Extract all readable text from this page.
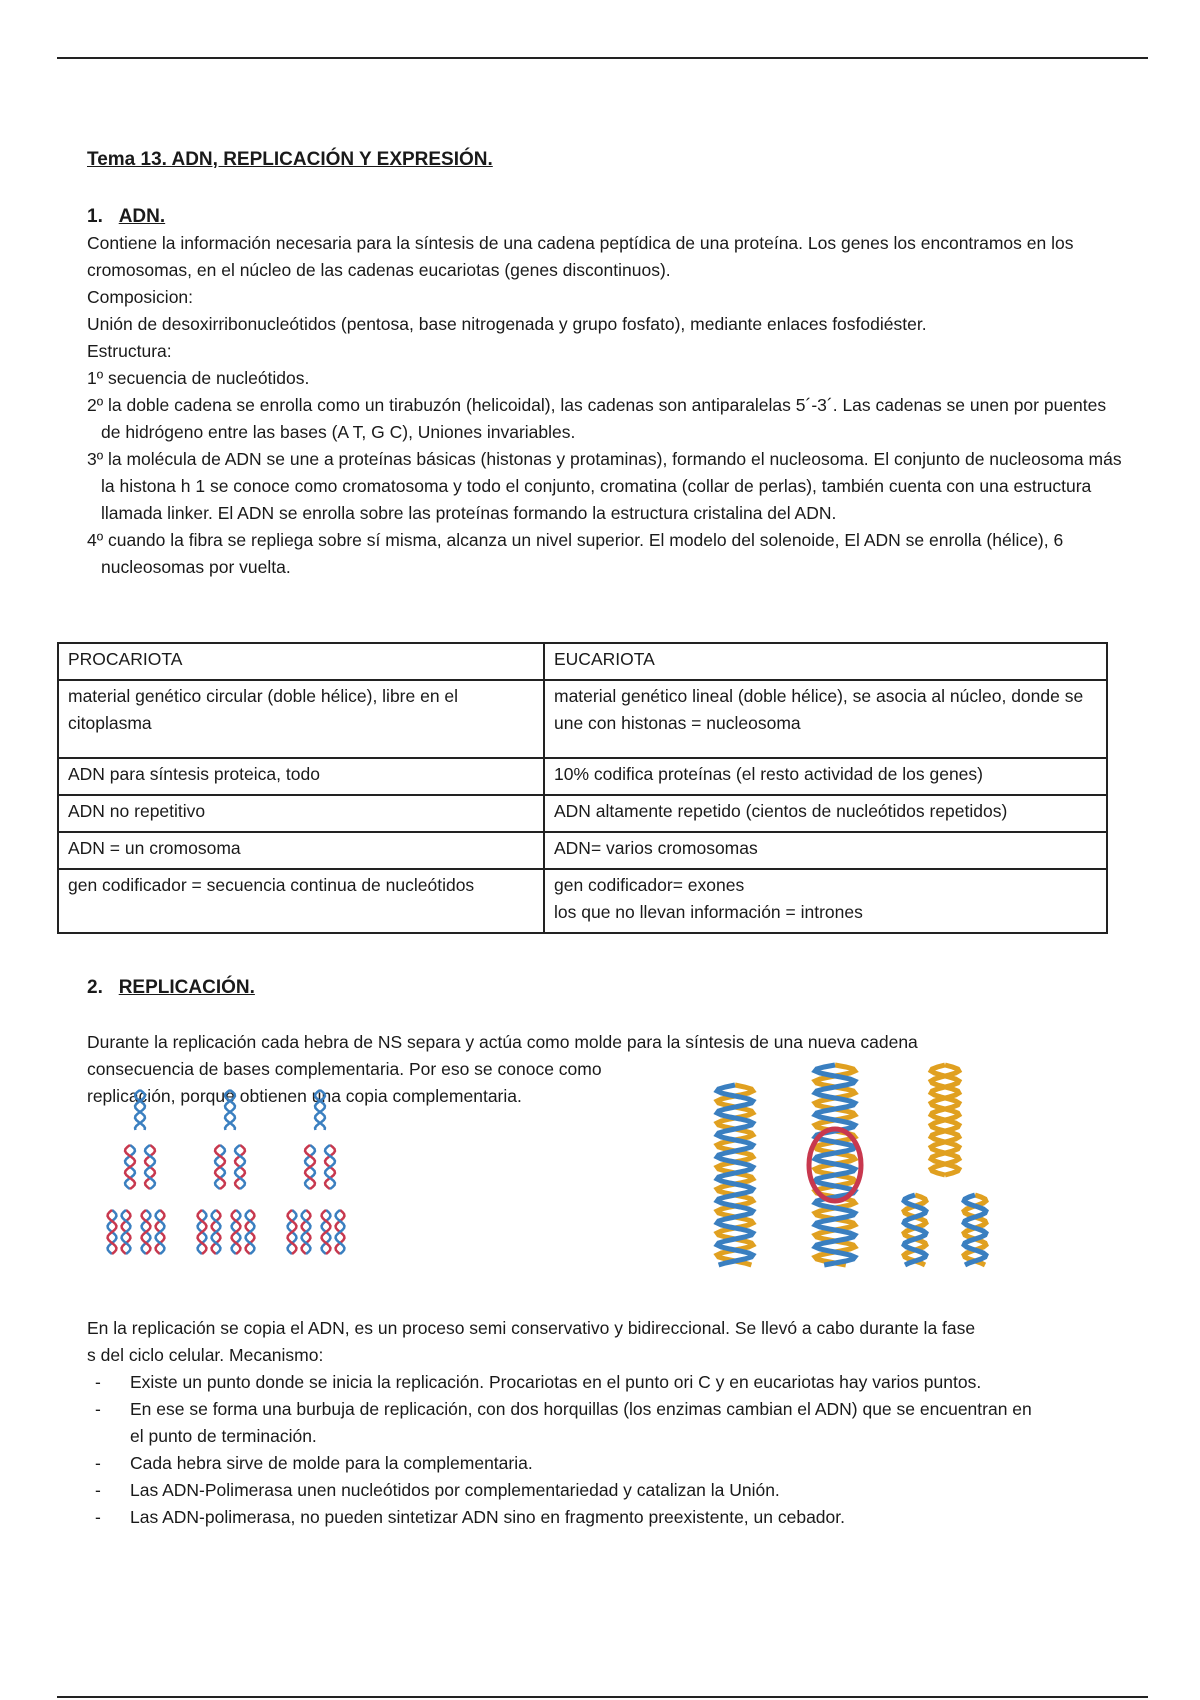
Tema 13. ADN, REPLICACIÓN Y EXPRESIÓN.
1. ADN.

Contiene la información necesaria para la síntesis de una cadena peptídica de una proteína. Los genes los encontramos en los cromosomas, en el núcleo de las cadenas eucariotas (genes discontinuos).

Composicion:

Unión de desoxirribonucleótidos (pentosa, base nitrogenada y grupo fosfato), mediante enlaces fosfodiéster.

Estructura:

1º secuencia de nucleótidos.

2º la doble cadena se enrolla como un tirabuzón (helicoidal), las cadenas son antiparalelas 5´-3´. Las cadenas se unen por puentes de hidrógeno entre las bases (A T, G C), Uniones invariables.

3º la molécula de ADN se une a proteínas básicas (histonas y protaminas), formando el nucleosoma. El conjunto de nucleosoma más la histona h 1 se conoce como cromatosoma y todo el conjunto, cromatina (collar de perlas), también cuenta con una estructura llamada linker. El ADN se enrolla sobre las proteínas formando la estructura cristalina del ADN.

4º cuando la fibra se repliega sobre sí misma, alcanza un nivel superior. El modelo del solenoide, El ADN se enrolla (hélice), 6 nucleosomas por vuelta.

PROCARIOTA	EUCARIOTA

material genético circular (doble hélice), libre en el citoplasma	material genético lineal (doble hélice), se asocia al núcleo, donde se une con histonas = nucleosoma

ADN para síntesis proteica, todo	10% codifica proteínas (el resto actividad de los genes)

ADN no repetitivo	ADN altamente repetido (cientos de nucleótidos repetidos)

ADN = un cromosoma	ADN= varios cromosomas

gen codificador = secuencia continua de nucleótidos	gen codificador= exones
los que no llevan información = intrones
2. REPLICACIÓN.

Durante la replicación cada hebra de NS separa y actúa como molde para la síntesis de una nueva cadena

consecuencia de bases complementaria. Por eso se conoce como

replicación, porque obtienen una copia complementaria.

En la replicación se copia el ADN, es un proceso semi conservativo y bidireccional. Se llevó a cabo durante la fase s del ciclo celular. Mecanismo:

- Existe un punto donde se inicia la replicación. Procariotas en el punto ori C y en eucariotas hay varios puntos.
- En ese se forma una burbuja de replicación, con dos horquillas (los enzimas cambian el ADN) que se encuentran en el punto de terminación.
- Cada hebra sirve de molde para la complementaria.
- Las ADN-Polimerasa unen nucleótidos por complementariedad y catalizan la Unión.
- Las ADN-polimerasa, no pueden sintetizar ADN sino en fragmento preexistente, un cebador.
